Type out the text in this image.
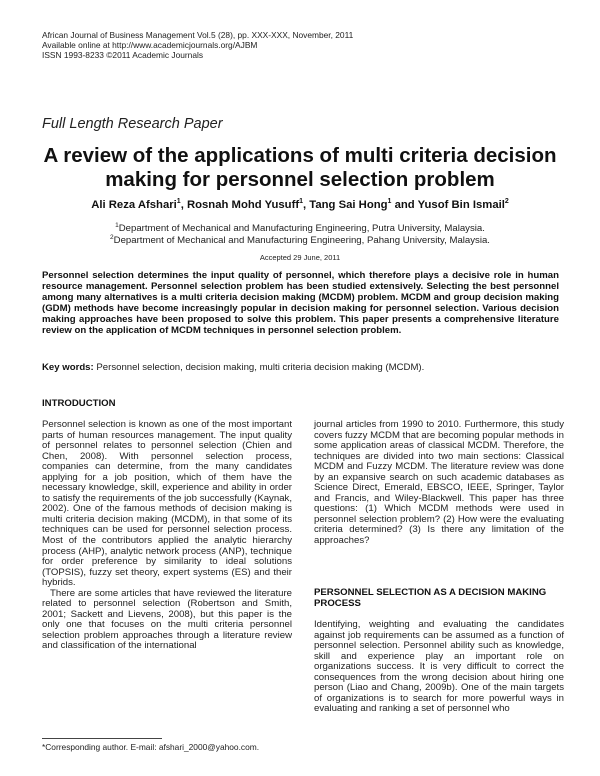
African Journal of Business Management Vol.5 (28), pp. XXX-XXX, November, 2011
Available online at http://www.academicjournals.org/AJBM
ISSN 1993-8233 ©2011 Academic Journals
Full Length Research Paper
A review of the applications of multi criteria decision
making for personnel selection problem
Ali Reza Afshari$^1$, Rosnah Mohd Yusuff$^1$, Tang Sai Hong$^1$ and Yusof Bin Ismail$^2$
$^1$Department of Mechanical and Manufacturing Engineering, Putra University, Malaysia.
$^2$Department of Mechanical and Manufacturing Engineering, Pahang University, Malaysia.
Accepted 29 June, 2011
Personnel selection determines the input quality of personnel, which therefore plays a decisive role in human resource management. Personnel selection problem has been studied extensively. Selecting the best personnel among many alternatives is a multi criteria decision making (MCDM) problem. MCDM and group decision making (GDM) methods have become increasingly popular in decision making for personnel selection. Various decision making approaches have been proposed to solve this problem. This paper presents a comprehensive literature review on the application of MCDM techniques in personnel selection problem.
Key words: Personnel selection, decision making, multi criteria decision making (MCDM).
INTRODUCTION

Personnel selection is known as one of the most important parts of human resources management. The input quality of personnel relates to personnel selection (Chien and Chen, 2008). With personnel selection process, companies can determine, from the many candidates applying for a job position, which of them have the necessary knowledge, skill, experience and ability in order to satisfy the requirements of the job successfully (Kaynak, 2002). One of the famous methods of decision making is multi criteria decision making (MCDM), in that some of its techniques can be used for personnel selection process. Most of the contributors applied the analytic hierarchy process (AHP), analytic network process (ANP), technique for order preference by similarity to ideal solutions (TOPSIS), fuzzy set theory, expert systems (ES) and their hybrids.

There are some articles that have reviewed the literature related to personnel selection (Robertson and Smith, 2001; Sackett and Lievens, 2008), but this paper is the only one that focuses on the multi criteria personnel selection problem approaches through a literature review and classification of the international

journal articles from 1990 to 2010. Furthermore, this study covers fuzzy MCDM that are becoming popular methods in some application areas of classical MCDM. Therefore, the techniques are divided into two main sections: Classical MCDM and Fuzzy MCDM. The literature review was done by an expansive search on such academic databases as Science Direct, Emerald, EBSCO, IEEE, Springer, Taylor and Francis, and Wiley-Blackwell. This paper has three questions: (1) Which MCDM methods were used in personnel selection problem? (2) How were the evaluating criteria determined? (3) Is there any limitation of the approaches?

PERSONNEL SELECTION AS A DECISION MAKING PROCESS

Identifying, weighting and evaluating the candidates against job requirements can be assumed as a function of personnel selection. Personnel ability such as knowledge, skill and experience play an important role on organizations success. It is very difficult to correct the consequences from the wrong decision about hiring one person (Liao and Chang, 2009b). One of the main targets of organizations is to search for more powerful ways in evaluating and ranking a set of personnel who

*Corresponding author. E-mail: afshari_2000@yahoo.com.
